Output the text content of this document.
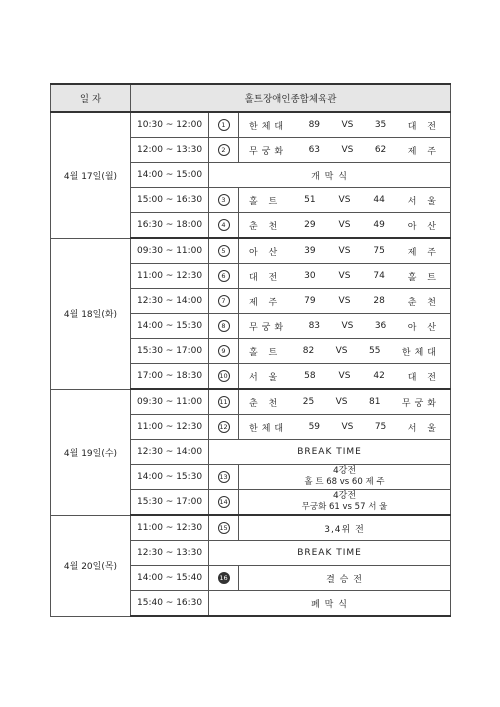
일 자	홀트장애인종합체육관		
4월 17일(월)	10:30 ~ 12:00	1	한체대 89 VS 35 대 전

	12:00 ~ 13:30	2	무궁화 63 VS 62 제 주

	14:00 ~ 15:00	개 막 식	
	15:00 ~ 16:30	3	홀 트 51 VS 44 서 울

	16:30 ~ 18:00	4	춘 천 29 VS 49 아 산

4월 18일(화)	09:30 ~ 11:00	5	아 산 39 VS 75 제 주

	11:00 ~ 12:30	6	대 전 30 VS 74 홀 트

	12:30 ~ 14:00	7	제 주 79 VS 28 춘 천

	14:00 ~ 15:30	8	무궁화 83 VS 36 아 산

	15:30 ~ 17:00	9	홀 트 82 VS 55 한체대

	17:00 ~ 18:30	10	서 울 58 VS 42 대 전

4월 19일(수)	09:30 ~ 11:00	11	춘 천 25 VS 81 무궁화

	11:00 ~ 12:30	12	한체대 59 VS 75 서 울

	12:30 ~ 14:00	BREAK TIME	
	14:00 ~ 15:30	13	4강전
홀 트 68 vs 60 제 주

	15:30 ~ 17:00	14	4강전
무궁화 61 vs 57 서 울

4월 20일(목)	11:00 ~ 12:30	15	3,4위 전
	12:30 ~ 13:30	BREAK TIME	
	14:00 ~ 15:40	16	결 승 전
	15:40 ~ 16:30	폐 막 식	
